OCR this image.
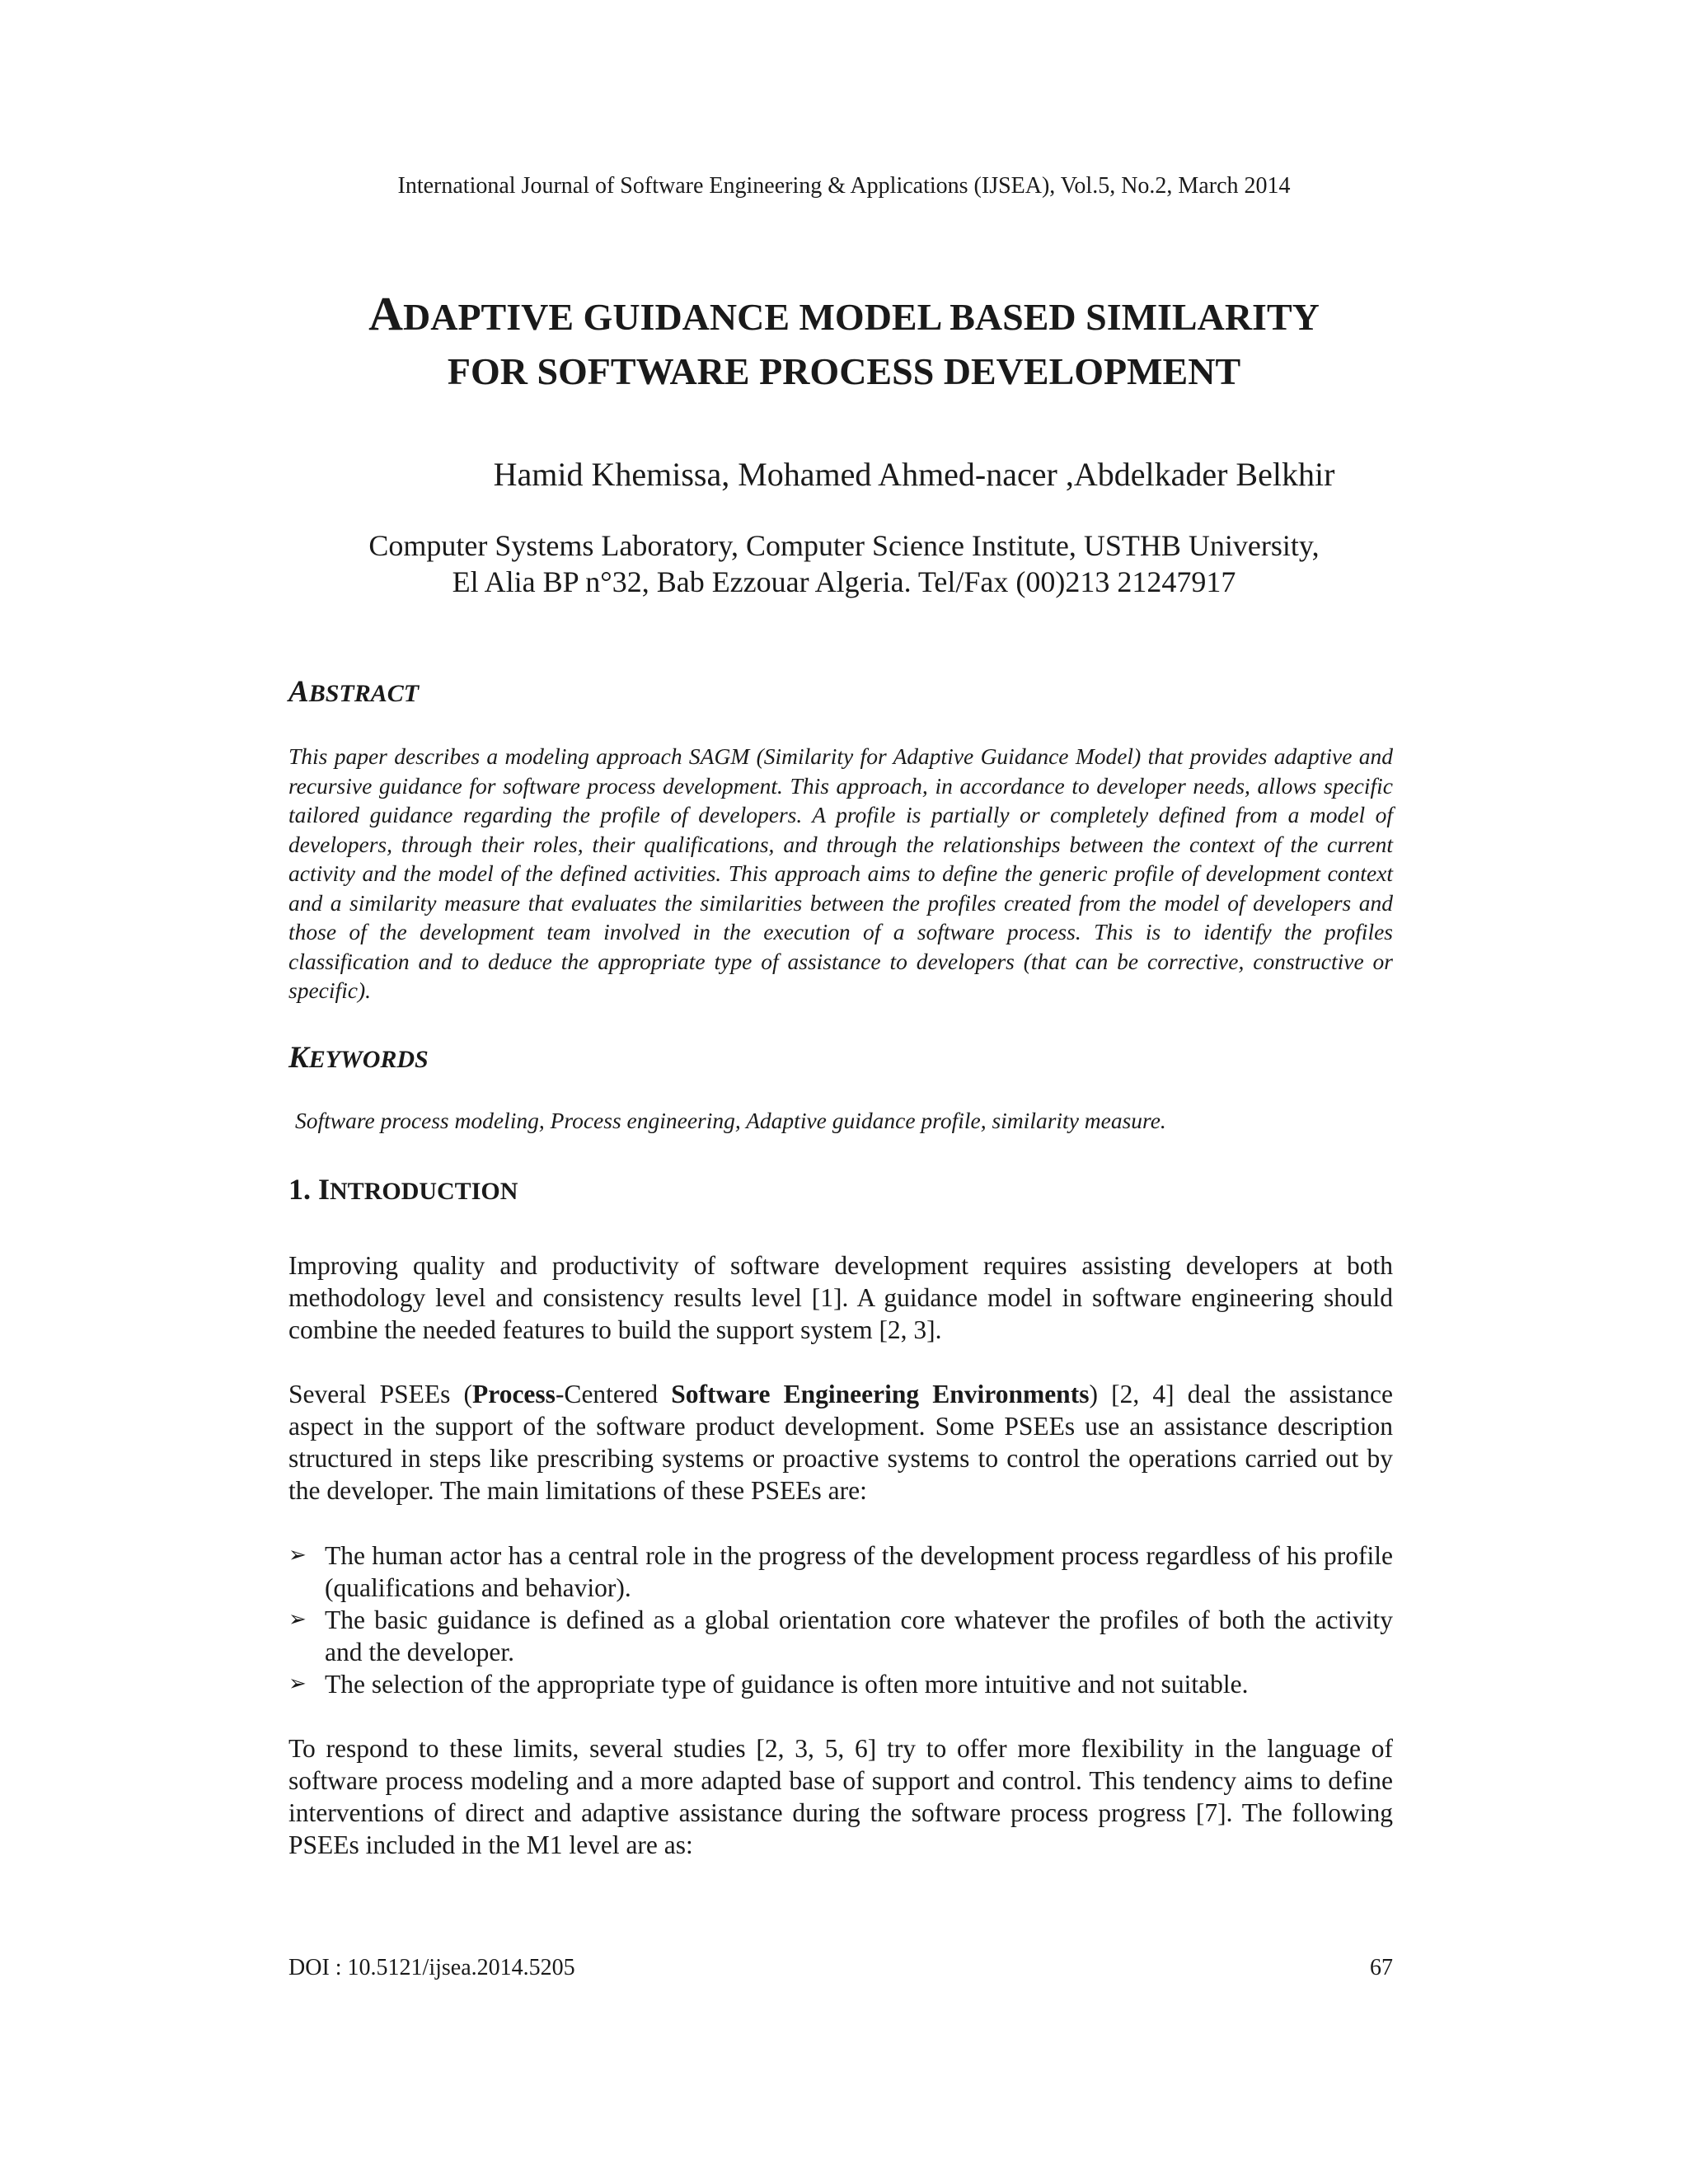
International Journal of Software Engineering & Applications (IJSEA), Vol.5, No.2, March 2014
ADAPTIVE GUIDANCE MODEL BASED SIMILARITY
FOR SOFTWARE PROCESS DEVELOPMENT
Hamid Khemissa, Mohamed Ahmed-nacer ,Abdelkader Belkhir
Computer Systems Laboratory, Computer Science Institute, USTHB University,
El Alia BP n°32, Bab Ezzouar Algeria. Tel/Fax (00)213 21247917
ABSTRACT
This paper describes a modeling approach SAGM (Similarity for Adaptive Guidance Model) that provides adaptive and recursive guidance for software process development. This approach, in accordance to developer needs, allows specific tailored guidance regarding the profile of developers. A profile is partially or completely defined from a model of developers, through their roles, their qualifications, and through the relationships between the context of the current activity and the model of the defined activities. This approach aims to define the generic profile of development context and a similarity measure that evaluates the similarities between the profiles created from the model of developers and those of the development team involved in the execution of a software process. This is to identify the profiles classification and to deduce the appropriate type of assistance to developers (that can be corrective, constructive or specific).
KEYWORDS
Software process modeling, Process engineering, Adaptive guidance profile, similarity measure.
1. INTRODUCTION
Improving quality and productivity of software development requires assisting developers at both methodology level and consistency results level [1]. A guidance model in software engineering should combine the needed features to build the support system [2, 3].
Several PSEEs (Process-Centered Software Engineering Environments) [2, 4] deal the assistance aspect in the support of the software product development. Some PSEEs use an assistance description structured in steps like prescribing systems or proactive systems to control the operations carried out by the developer. The main limitations of these PSEEs are:
➢ The human actor has a central role in the progress of the development process regardless of his profile (qualifications and behavior).
➢ The basic guidance is defined as a global orientation core whatever the profiles of both the activity and the developer.
➢ The selection of the appropriate type of guidance is often more intuitive and not suitable.
To respond to these limits, several studies [2, 3, 5, 6] try to offer more flexibility in the language of software process modeling and a more adapted base of support and control. This tendency aims to define interventions of direct and adaptive assistance during the software process progress [7]. The following PSEEs included in the M1 level are as:
DOI : 10.5121/ijsea.2014.5205	67
